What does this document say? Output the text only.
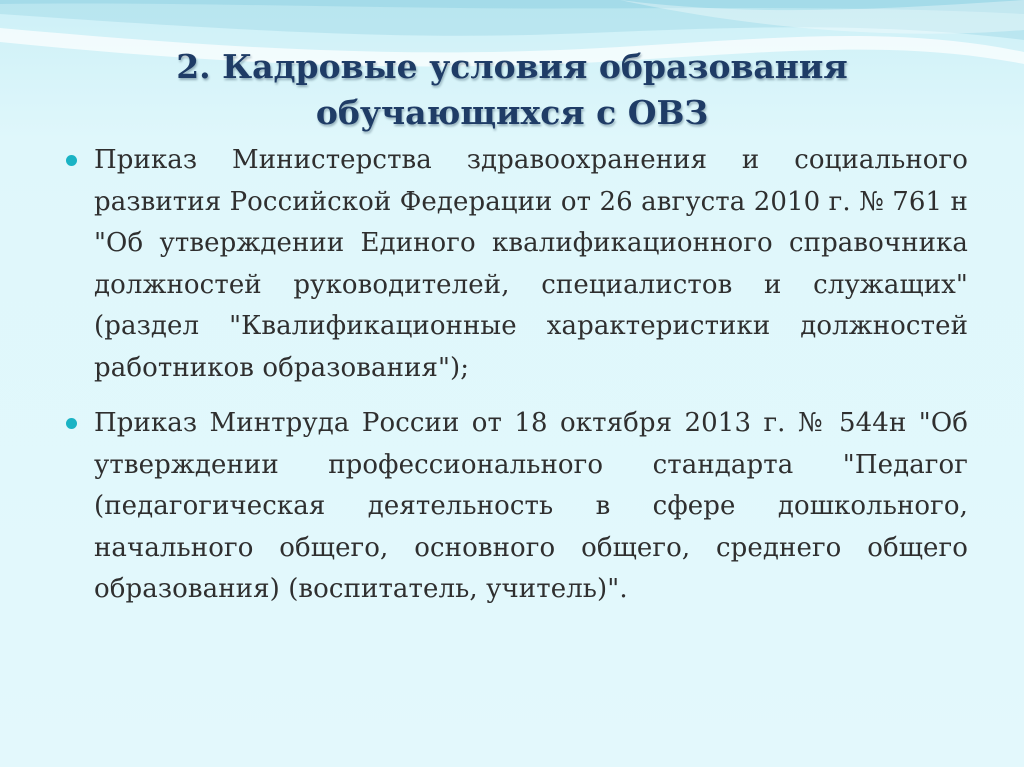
2. Кадровые условия образования обучающихся с ОВЗ
Приказ Министерства здравоохранения и социального развития Российской Федерации от 26 августа 2010 г. № 761 н "Об утверждении Единого квалификационного справочника должностей руководителей, специалистов и служащих" (раздел "Квалификационные характеристики должностей работников образования");
Приказ Минтруда России от 18 октября 2013 г. № 544н "Об утверждении профессионального стандарта "Педагог (педагогическая деятельность в сфере дошкольного, начального общего, основного общего, среднего общего образования) (воспитатель, учитель)".
